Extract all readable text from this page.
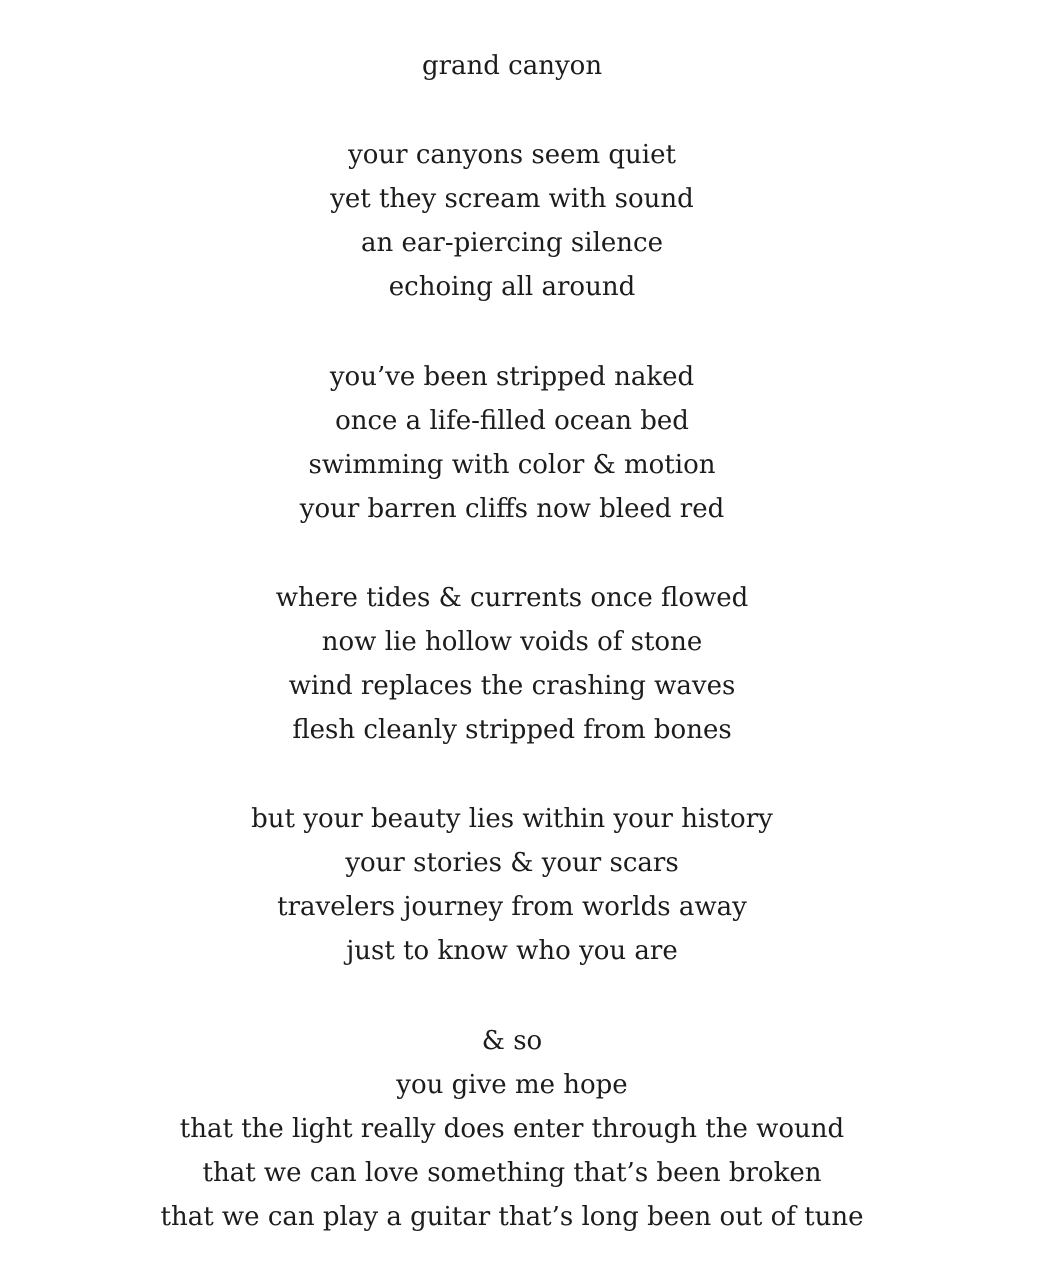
grand canyon
your canyons seem quiet
yet they scream with sound
an ear-piercing silence
echoing all around
you’ve been stripped naked
once a life-filled ocean bed
swimming with color & motion
your barren cliffs now bleed red
where tides & currents once flowed
now lie hollow voids of stone
wind replaces the crashing waves
flesh cleanly stripped from bones
but your beauty lies within your history
your stories & your scars
travelers journey from worlds away
just to know who you are
& so
you give me hope
that the light really does enter through the wound
that we can love something that’s been broken
that we can play a guitar that’s long been out of tune
